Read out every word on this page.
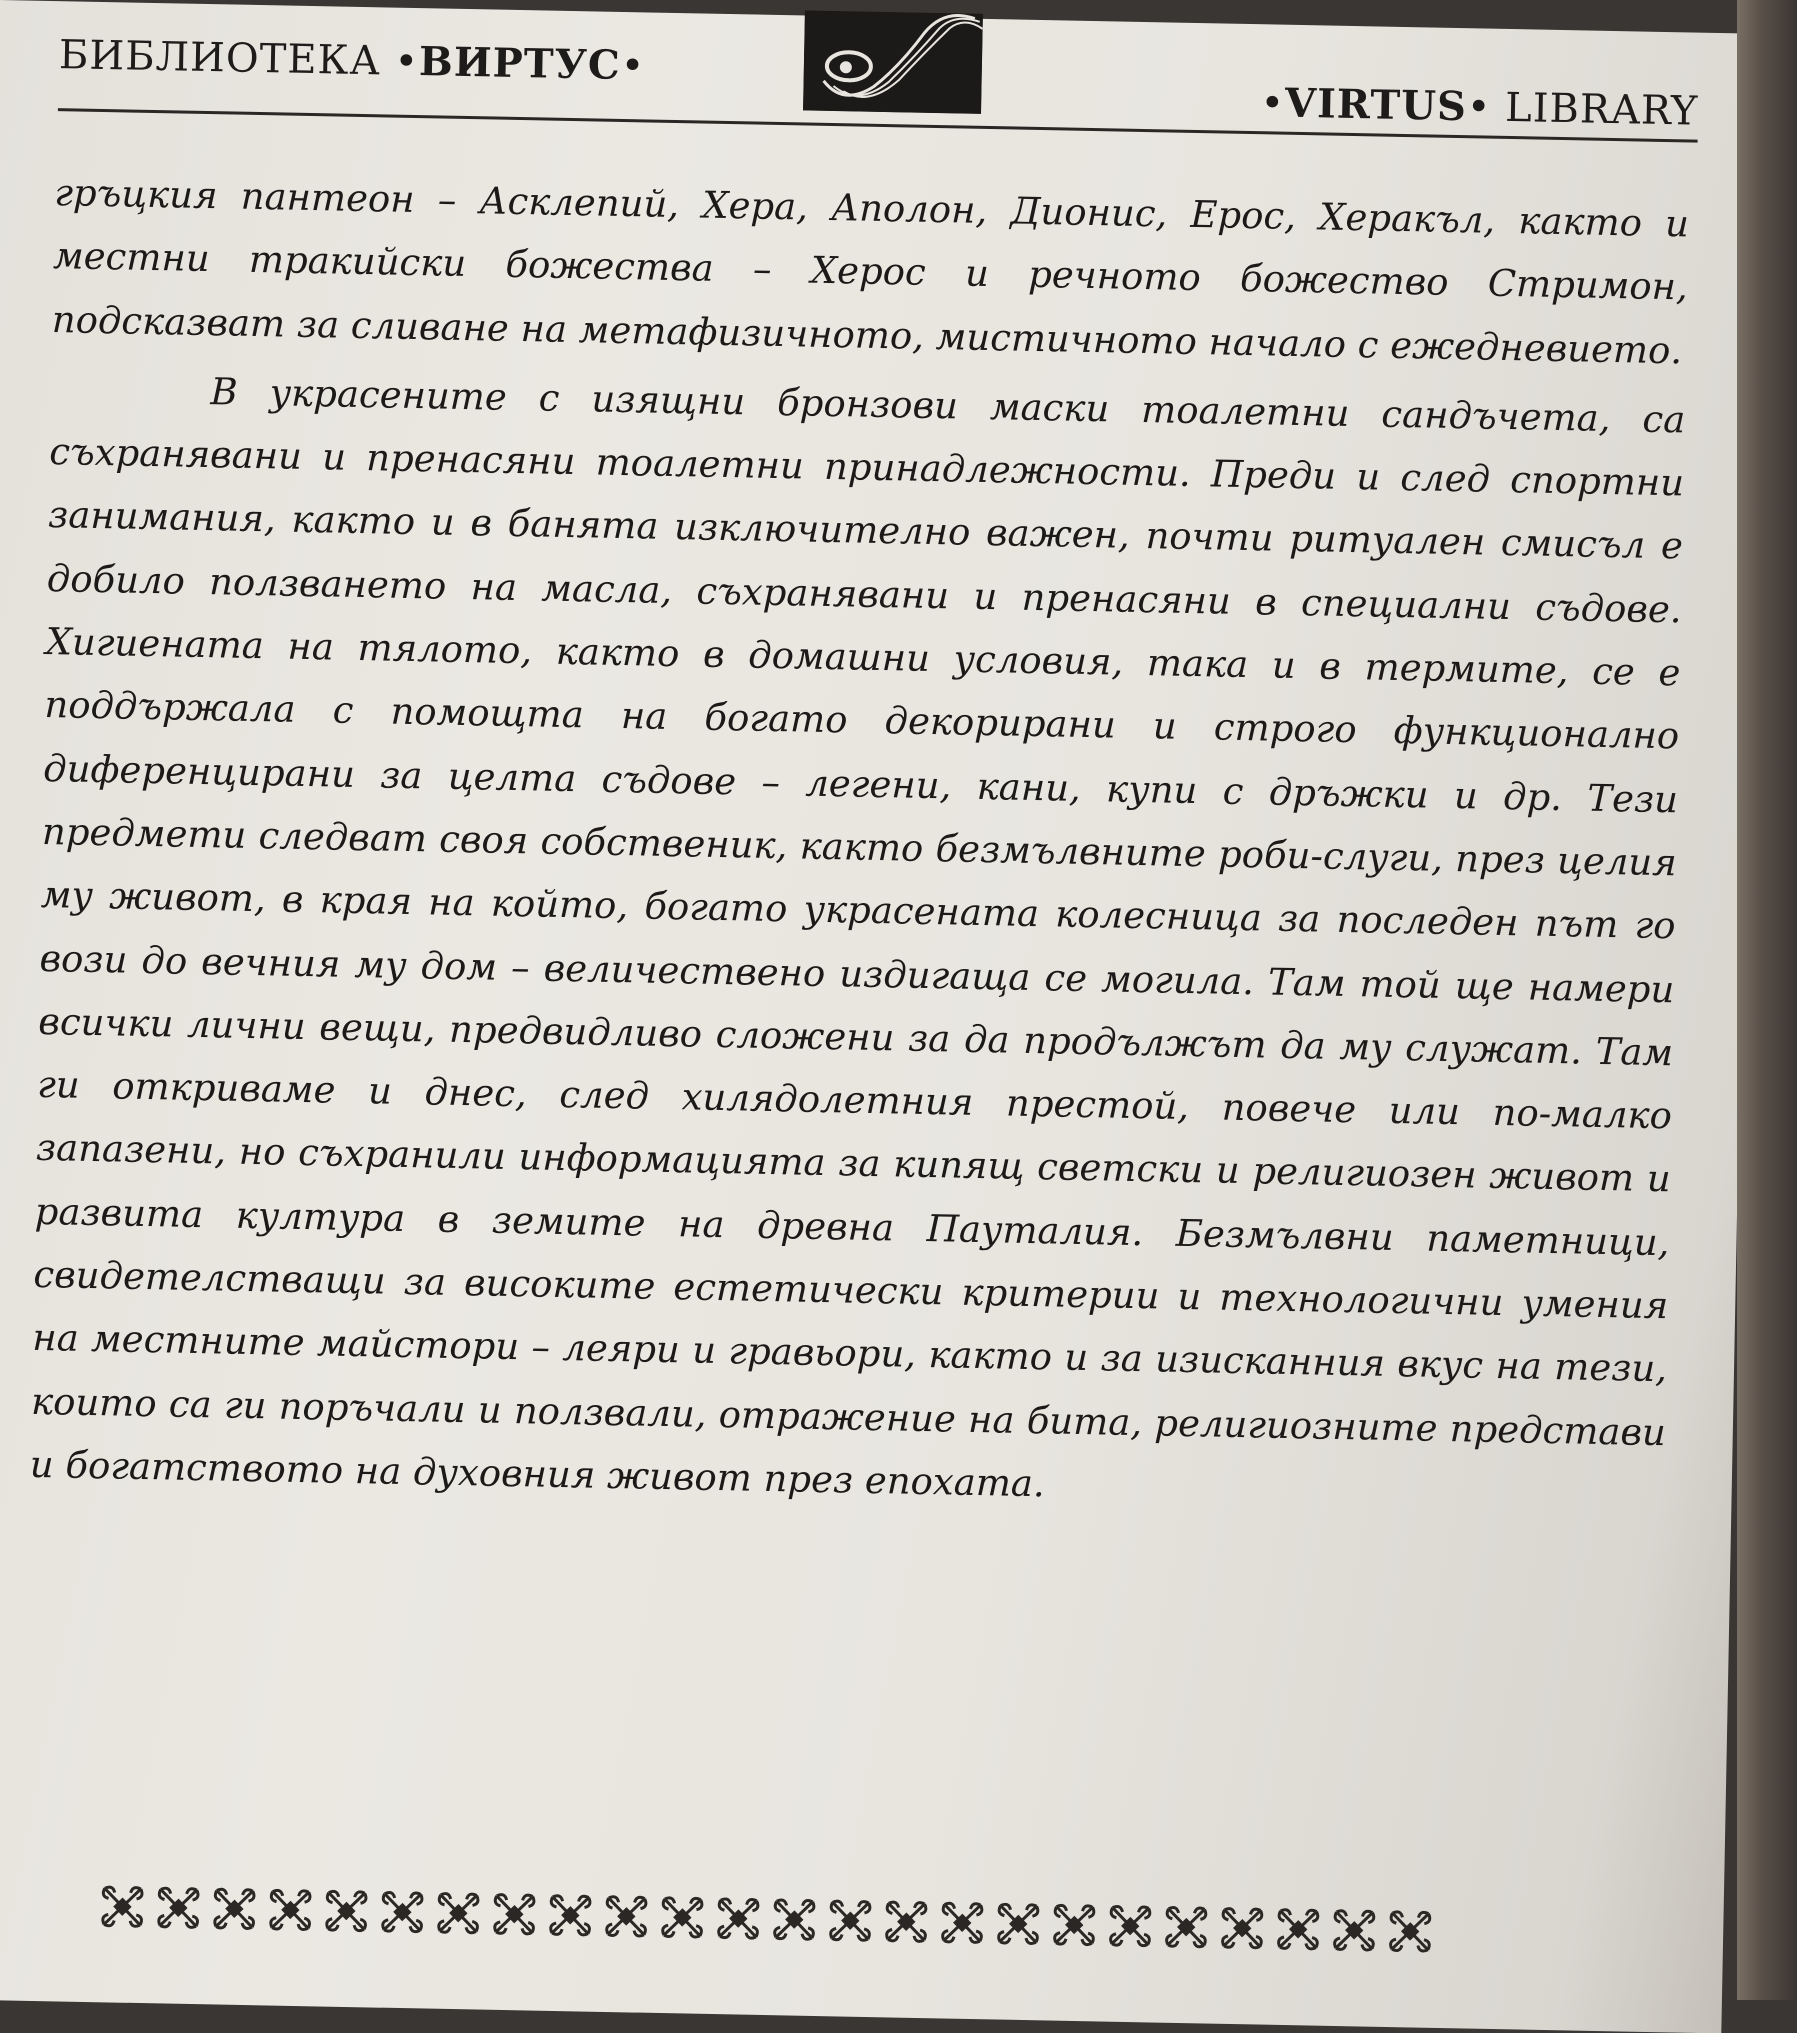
БИБЛИОТЕКА •ВИРТУС•
•VIRTUS• LIBRARY

гръцкия пантеон – Асклепий, Хера, Аполон, Дионис, Ерос, Херакъл, както и местни тракийски божества – Херос и речното божество Стримон, подсказват за сливане на метафизичното, мистичното начало с ежедневието.

В украсените с изящни бронзови маски тоалетни сандъчета, са съхранявани и пренасяни тоалетни принадлежности. Преди и след спортни занимания, както и в банята изключително важен, почти ритуален смисъл е добило ползването на масла, съхранявани и пренасяни в специални съдове. Хигиената на тялото, както в домашни условия, така и в термите, се е поддържала с помощта на богато декорирани и строго функционално диференцирани за целта съдове – легени, кани, купи с дръжки и др. Тези предмети следват своя собственик, както безмълвните роби-слуги, през целия му живот, в края на който, богато украсената колесница за последен път го вози до вечния му дом – величествено издигаща се могила. Там той ще намери всички лични вещи, предвидливо сложени за да продължът да му служат. Там ги откриваме и днес, след хилядолетния престой, повече или по-малко запазени, но съхранили информацията за кипящ светски и религиозен живот и развита култура в земите на древна Пауталия. Безмълвни паметници, свидетелстващи за високите естетически критерии и технологични умения на местните майстори – леяри и гравьори, както и за изисканния вкус на тези, които са ги поръчали и ползвали, отражение на бита, религиозните представи и богатството на духовния живот през епохата.
